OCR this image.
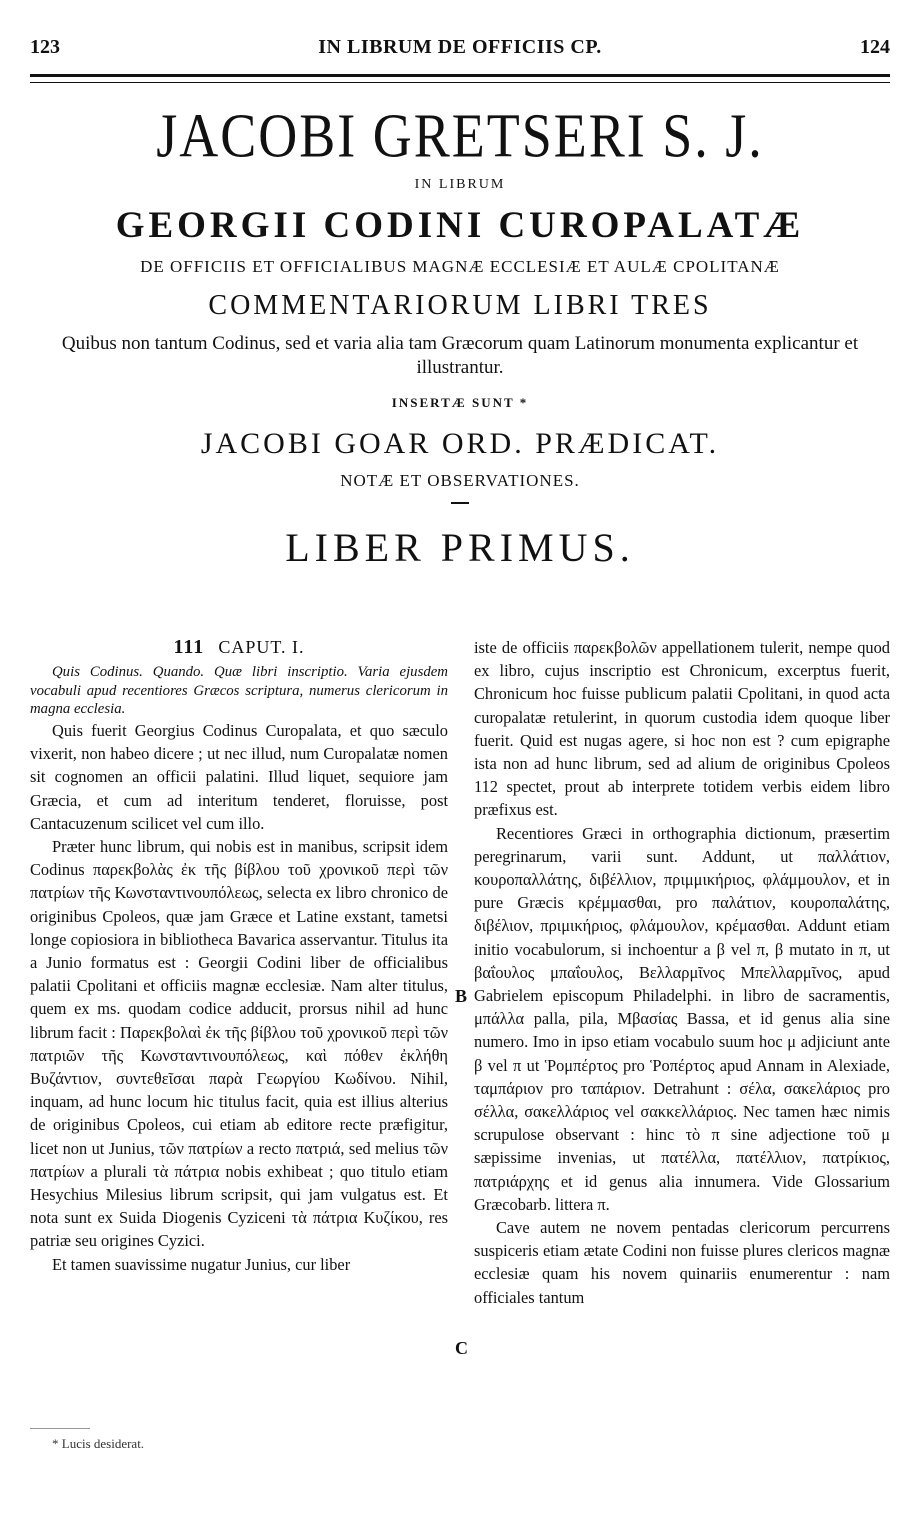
123	IN LIBRUM DE OFFICIIS CP.	124
JACOBI GRETSERI S. J.
IN LIBRUM
GEORGII CODINI CUROPALATÆ
DE OFFICIIS ET OFFICIALIBUS MAGNÆ ECCLESIÆ ET AULÆ CPOLITANÆ
COMMENTARIORUM LIBRI TRES
Quibus non tantum Codinus, sed et varia alia tam Græcorum quam Latinorum monumenta explicantur et illustrantur.
INSERTÆ SUNT *
JACOBI GOAR ORD. PRÆDICAT.
NOTÆ ET OBSERVATIONES.
LIBER PRIMUS.
111 CAPUT. I.

Quis Codinus. Quando. Quæ libri inscriptio. Varia ejusdem vocabuli apud recentiores Græcos scriptura, numerus clericorum in magna ecclesia.

Quis fuerit Georgius Codinus Curopalata, et quo sæculo vixerit, non habeo dicere ; ut nec illud, num Curopalatæ nomen sit cognomen an officii palatini. Illud liquet, sequiore jam Græcia, et cum ad interitum tenderet, floruisse, post Cantacuzenum scilicet vel cum illo.

Præter hunc librum, qui nobis est in manibus, scripsit idem Codinus παρεκβολὰς ἐκ τῆς βίβλου τοῦ χρονικοῦ περὶ τῶν πατρίων τῆς Κωνσταντινουπόλεως, selecta ex libro chronico de originibus Cpoleos, quæ jam Græce et Latine exstant, tametsi longe copiosiora in bibliotheca Bavarica asservantur. Titulus ita a Junio formatus est : Georgii Codini liber de officialibus palatii Cpolitani et officiis magnæ ecclesiæ. Nam alter titulus, quem ex ms. quodam codice adducit, prorsus nihil ad hunc librum facit : Παρεκβολαὶ ἐκ τῆς βίβλου τοῦ χρονικοῦ περὶ τῶν πατριῶν τῆς Κωνσταντινουπόλεως, καὶ πόθεν ἐκλήθη Βυζάντιον, συντεθεῖσαι παρὰ Γεωργίου Κωδίνου. Nihil, inquam, ad hunc locum hic titulus facit, quia est illius alterius de originibus Cpoleos, cui etiam ab editore recte præfigitur, licet non ut Junius, τῶν πατρίων a recto πατριά, sed melius τῶν πατρίων a plurali τὰ πάτρια nobis exhibeat ; quo titulo etiam Hesychius Milesius librum scripsit, qui jam vulgatus est. Et nota sunt ex Suida Diogenis Cyziceni τὰ πάτρια Κυζίκου, res patriæ seu origines Cyzici.

Et tamen suavissime nugatur Junius, cur liber

B
C

iste de officiis παρεκβολῶν appellationem tulerit, nempe quod ex libro, cujus inscriptio est Chronicum, excerptus fuerit, Chronicum hoc fuisse publicum palatii Cpolitani, in quod acta curopalatæ retulerint, in quorum custodia idem quoque liber fuerit. Quid est nugas agere, si hoc non est ? cum epigraphe ista non ad hunc librum, sed ad alium de originibus Cpoleos 112 spectet, prout ab interprete totidem verbis eidem libro præfixus est.

Recentiores Græci in orthographia dictionum, præsertim peregrinarum, varii sunt. Addunt, ut παλλάτιον, κουροπαλλάτης, διβέλλιον, πριμμικήριος, φλάμμουλον, et in pure Græcis κρέμμασθαι, pro παλάτιον, κουροπαλάτης, διβέλιον, πριμικήριος, φλάμουλον, κρέμασθαι. Addunt etiam initio vocabulorum, si inchoentur a β vel π, β mutato in π, ut βαΐουλος μπαΐουλος, Βελλαρμῖνος Μπελλαρμῖνος, apud Gabrielem episcopum Philadelphi. in libro de sacramentis, μπάλλα palla, pila, Μβασίας Bassa, et id genus alia sine numero. Imo in ipso etiam vocabulo suum hoc μ adjiciunt ante β vel π ut Ῥομπέρτος pro Ῥοπέρτος apud Annam in Alexiade, ταμπάριον pro ταπάριον. Detrahunt : σέλα, σακελάριος pro σέλλα, σακελλάριος vel σακκελλάριος. Nec tamen hæc nimis scrupulose observant : hinc τὸ π sine adjectione τοῦ μ sæpissime invenias, ut πατέλλα, πατέλλιον, πατρίκιος, πατριάρχης et id genus alia innumera. Vide Glossarium Græcobarb. littera π.

Cave autem ne novem pentadas clericorum percurrens suspiceris etiam ætate Codini non fuisse plures clericos magnæ ecclesiæ quam his novem quinariis enumerentur : nam officiales tantum

* Lucis desiderat.
